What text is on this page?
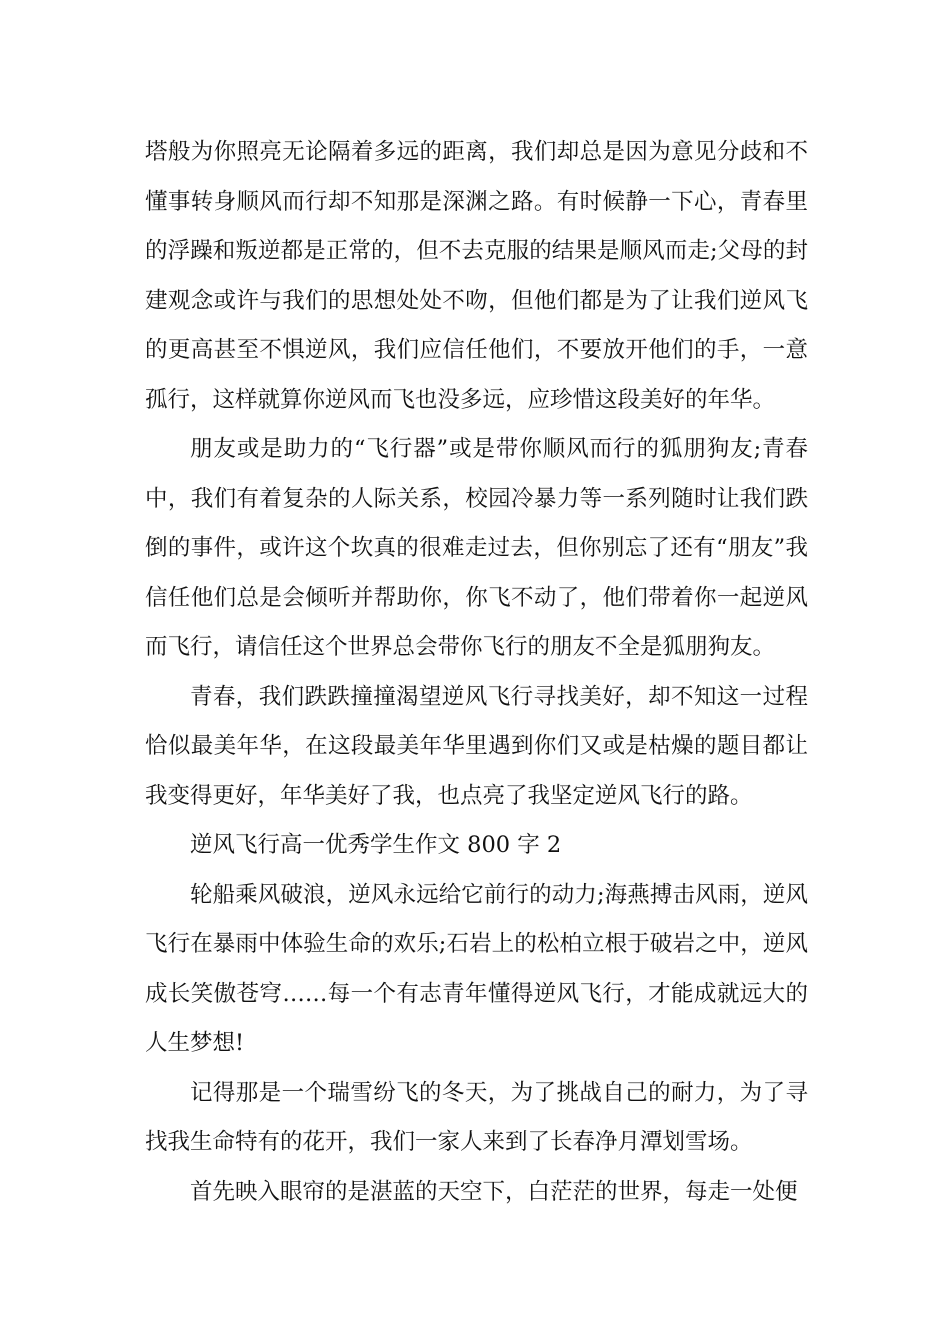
塔般为你照亮无论隔着多远的距离，我们却总是因为意见分歧和不懂事转身顺风而行却不知那是深渊之路。有时候静一下心，青春里的浮躁和叛逆都是正常的，但不去克服的结果是顺风而走;父母的封建观念或许与我们的思想处处不吻，但他们都是为了让我们逆风飞的更高甚至不惧逆风，我们应信任他们，不要放开他们的手，一意孤行，这样就算你逆风而飞也没多远，应珍惜这段美好的年华。

朋友或是助力的“飞行器”或是带你顺风而行的狐朋狗友;青春中，我们有着复杂的人际关系，校园冷暴力等一系列随时让我们跌倒的事件，或许这个坎真的很难走过去，但你别忘了还有“朋友”我信任他们总是会倾听并帮助你，你飞不动了，他们带着你一起逆风而飞行，请信任这个世界总会带你飞行的朋友不全是狐朋狗友。

青春，我们跌跌撞撞渴望逆风飞行寻找美好，却不知这一过程恰似最美年华，在这段最美年华里遇到你们又或是枯燥的题目都让我变得更好，年华美好了我，也点亮了我坚定逆风飞行的路。

逆风飞行高一优秀学生作文 800 字 2

轮船乘风破浪，逆风永远给它前行的动力;海燕搏击风雨，逆风飞行在暴雨中体验生命的欢乐;石岩上的松柏立根于破岩之中，逆风成长笑傲苍穹……每一个有志青年懂得逆风飞行，才能成就远大的人生梦想!

记得那是一个瑞雪纷飞的冬天，为了挑战自己的耐力，为了寻找我生命特有的花开，我们一家人来到了长春净月潭划雪场。

首先映入眼帘的是湛蓝的天空下，白茫茫的世界，每走一处便
